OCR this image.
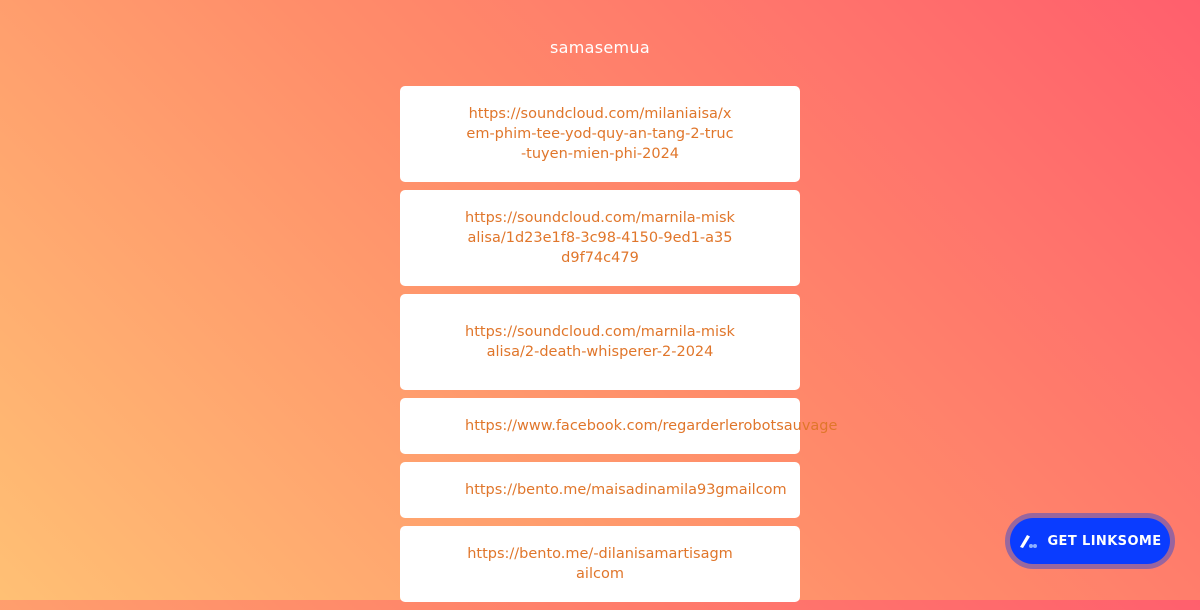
samasemua
https://soundcloud.com/milaniaisa/xem-phim-tee-yod-quy-an-tang-2-truc-tuyen-mien-phi-2024
https://soundcloud.com/marnila-miskalisa/1d23e1f8-3c98-4150-9ed1-a35d9f74c479
https://soundcloud.com/marnila-miskalisa/2-death-whisperer-2-2024
https://www.facebook.com/regarderlerobotsauvage
https://bento.me/maisadinamila93gmailcom
https://bento.me/-dilanisamartisagmailcom
GET LINKSOME
